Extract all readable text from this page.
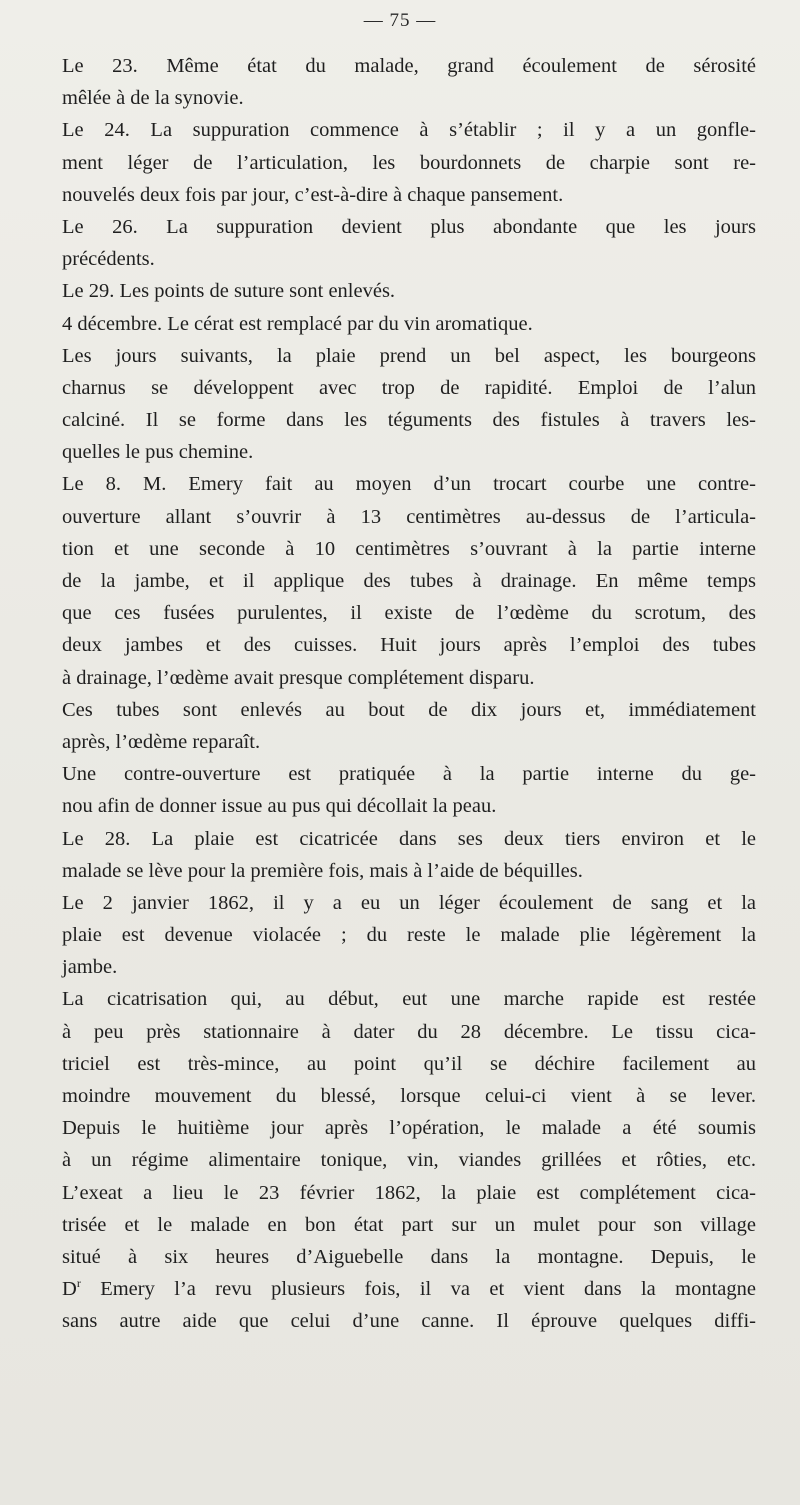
— 75 —
Le 23. Même état du malade, grand écoulement de sérosité
mêlée à de la synovie.
Le 24. La suppuration commence à s’établir ; il y a un gonfle-
ment léger de l’articulation, les bourdonnets de charpie sont re-
nouvelés deux fois par jour, c’est-à-dire à chaque pansement.
Le 26. La suppuration devient plus abondante que les jours
précédents.
Le 29. Les points de suture sont enlevés.
4 décembre. Le cérat est remplacé par du vin aromatique.
Les jours suivants, la plaie prend un bel aspect, les bourgeons
charnus se développent avec trop de rapidité. Emploi de l’alun
calciné. Il se forme dans les téguments des fistules à travers les-
quelles le pus chemine.
Le 8. M. Emery fait au moyen d’un trocart courbe une contre-
ouverture allant s’ouvrir à 13 centimètres au-dessus de l’articula-
tion et une seconde à 10 centimètres s’ouvrant à la partie interne
de la jambe, et il applique des tubes à drainage. En même temps
que ces fusées purulentes, il existe de l’œdème du scrotum, des
deux jambes et des cuisses. Huit jours après l’emploi des tubes
à drainage, l’œdème avait presque complétement disparu.
Ces tubes sont enlevés au bout de dix jours et, immédiatement
après, l’œdème reparaît.
Une contre-ouverture est pratiquée à la partie interne du ge-
nou afin de donner issue au pus qui décollait la peau.
Le 28. La plaie est cicatricée dans ses deux tiers environ et le
malade se lève pour la première fois, mais à l’aide de béquilles.
Le 2 janvier 1862, il y a eu un léger écoulement de sang et la
plaie est devenue violacée ; du reste le malade plie légèrement la
jambe.
La cicatrisation qui, au début, eut une marche rapide est restée
à peu près stationnaire à dater du 28 décembre. Le tissu cica-
triciel est très-mince, au point qu’il se déchire facilement au
moindre mouvement du blessé, lorsque celui-ci vient à se lever.
Depuis le huitième jour après l’opération, le malade a été soumis
à un régime alimentaire tonique, vin, viandes grillées et rôties, etc.
L’exeat a lieu le 23 février 1862, la plaie est complétement cica-
trisée et le malade en bon état part sur un mulet pour son village
situé à six heures d’Aiguebelle dans la montagne. Depuis, le
$D^r$ Emery l’a revu plusieurs fois, il va et vient dans la montagne
sans autre aide que celui d’une canne. Il éprouve quelques diffi-
